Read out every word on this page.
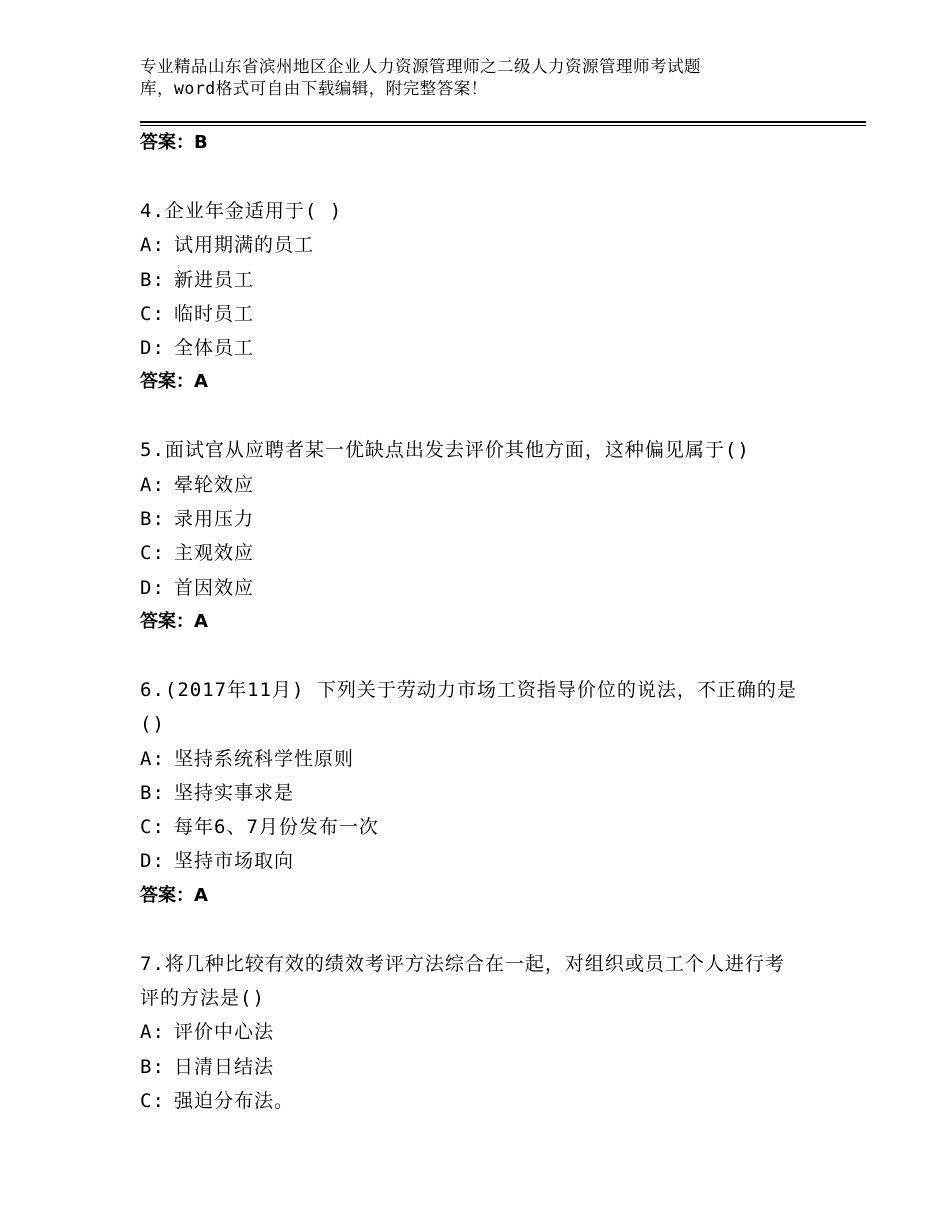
专业精品山东省滨州地区企业人力资源管理师之二级人力资源管理师考试题
库，word格式可自由下载编辑，附完整答案！
答案：B
4.企业年金适用于( )
A: 试用期满的员工
B: 新进员工
C: 临时员工
D: 全体员工
答案：A
5.面试官从应聘者某一优缺点出发去评价其他方面，这种偏见属于()
A: 晕轮效应
B: 录用压力
C: 主观效应
D: 首因效应
答案：A
6.(2017年11月) 下列关于劳动力市场工资指导价位的说法，不正确的是()
A: 坚持系统科学性原则
B: 坚持实事求是
C: 每年6、7月份发布一次
D: 坚持市场取向
答案：A
7.将几种比较有效的绩效考评方法综合在一起，对组织或员工个人进行考评的方法是()
A: 评价中心法
B: 日清日结法
C: 强迫分布法。
